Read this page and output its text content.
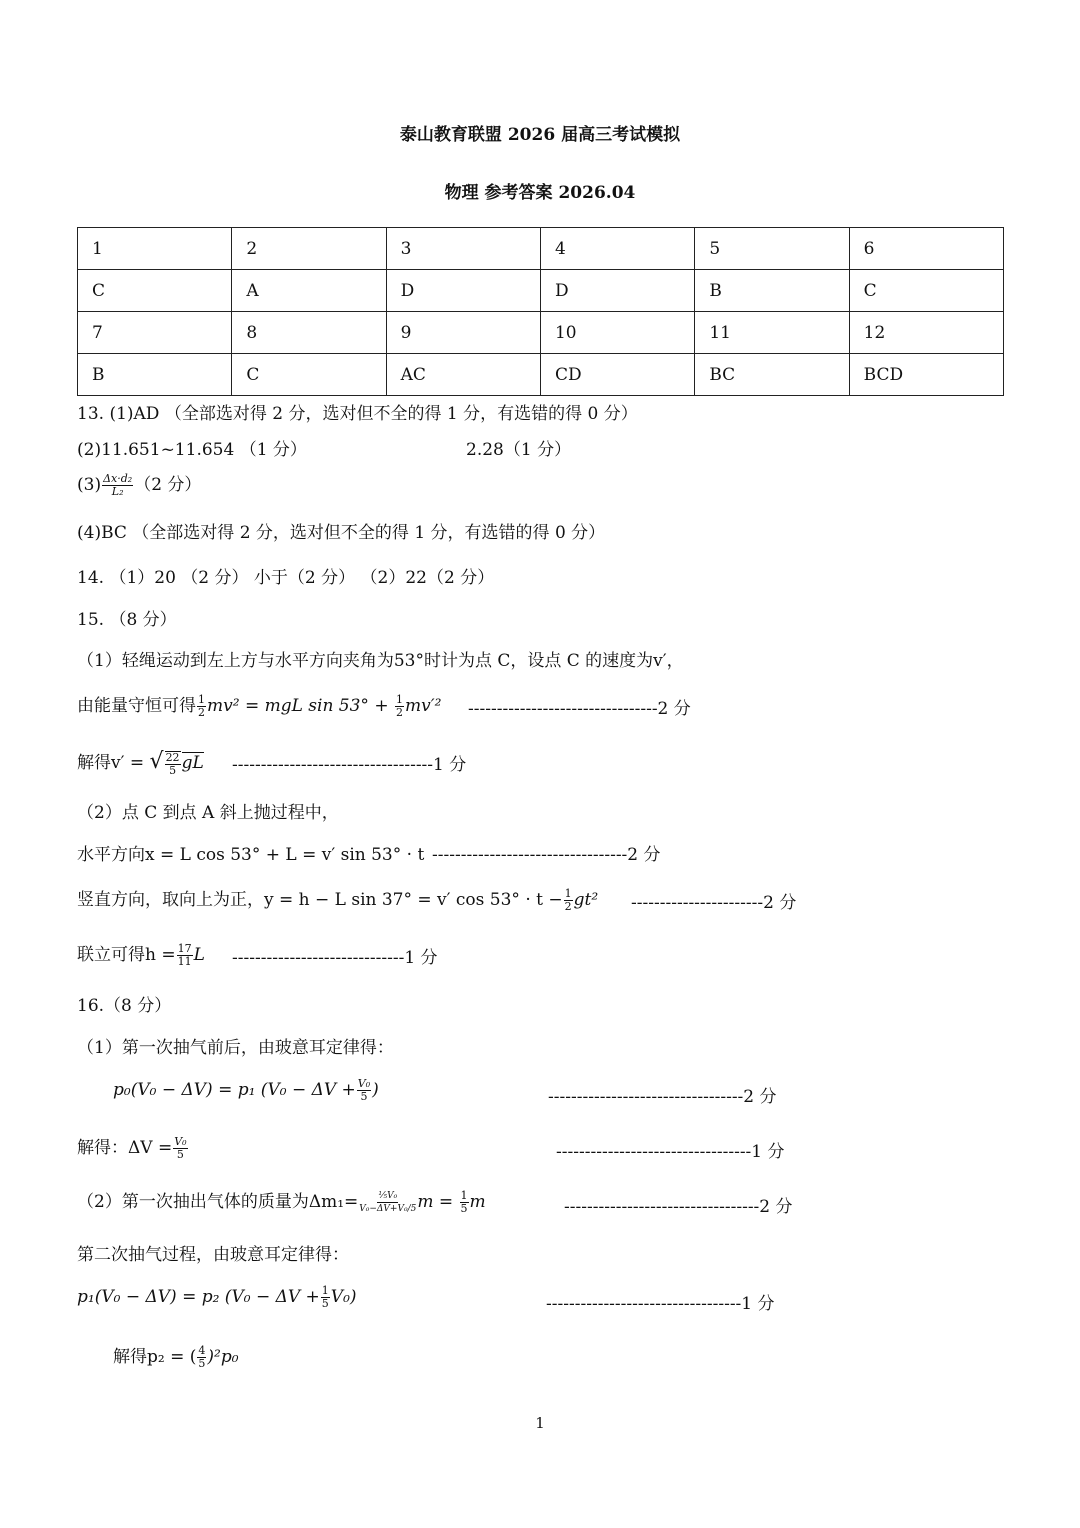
泰山教育联盟 2026 届高三考试模拟
物理 参考答案 2026.04
1	2	3	4	5	6
C	A	D	D	B	C
7	8	9	10	11	12
B	C	AC	CD	BC	BCD
13. (1)AD （全部选对得 2 分，选对但不全的得 1 分，有选错的得 0 分）
(2)11.651~11.654 （1 分）	2.28（1 分）
$(3) \frac{\text{Δx·d₂}}{\text{L₂}} (2$ 分）
(4)BC （全部选对得 2 分，选对但不全的得 1 分，有选错的得 0 分）
14. （1）20 （2 分） 小于（2 分） （2）22（2 分）
15. （8 分）
（1）轻绳运动到左上方与水平方向夹角为53°时计为点 C，设点 C 的速度为v′，
由能量守恒可得 $\frac{1}{2} mv^2$ = mgL $\sin 53^\circ + \frac{1}{2} mv'^2$ ---------------------------------2 分
解得v′ = √ $\frac{22}{5}$ gL -----------------------------------1 分
（2）点 C 到点 A 斜上抛过程中，
水平方向x = L cos 53° + L = v′ sin 53° · t ----------------------------------2 分
竖直方向，取向上为正，y = h − L sin 37° = v′ $\cos 53^\circ \cdot t - \frac{1}{2} gt^2$ -----------------------2 分
联立可得$h = \frac{17}{11}$ L ------------------------------1 分
16.（8 分）
（1）第一次抽气前后，由玻意耳定律得：
p₀(V₀ − ΔV) = p₁ ($V_0 - \Delta V + \frac{\text{V₀}}{5}$ )	----------------------------------2 分
解得：$\Delta V = \frac{\text{V₀}}{5}$	----------------------------------1 分
（2）第一次抽出气体的质量为$\Delta m_1= \frac{\text{⅕V₀}}{\text{V₀−ΔV+V₀/5}}$ $m = \frac{1}{5}$ m	----------------------------------2 分
第二次抽气过程，由玻意耳定律得：
p₁(V₀ − ΔV) = p₂ $(V_0 - \Delta V + \frac{1}{5} V_0)$	----------------------------------1 分
解得p₂ = ( $\frac{4}{5} )^2p_0$
1
